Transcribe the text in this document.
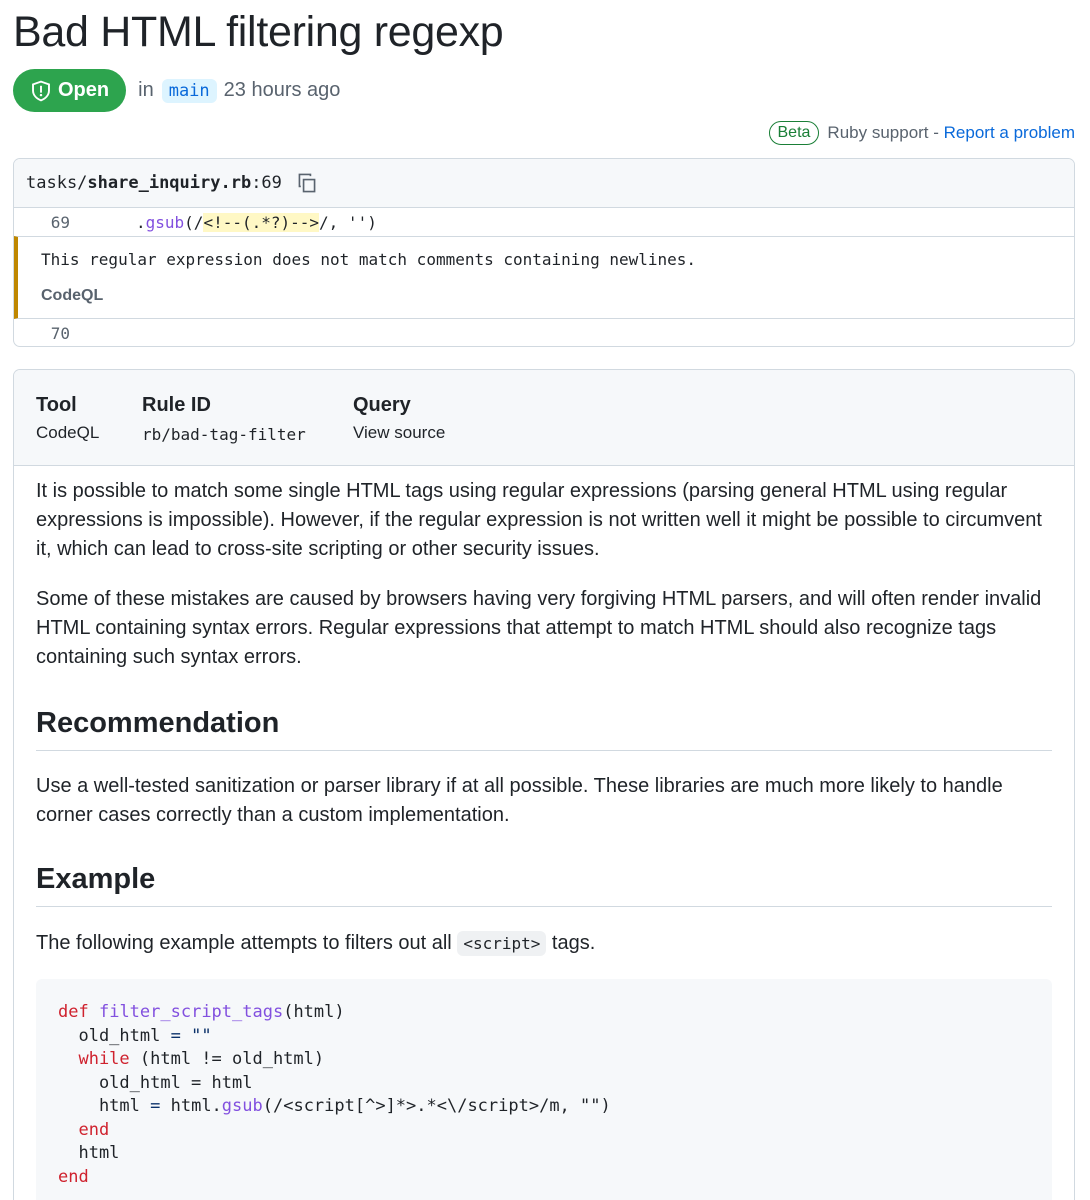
Bad HTML filtering regexp
Open in main 23 hours ago
Beta	Ruby support -
Report a problem
tasks/share_inquiry.rb:69
69	.gsub(/<!--(.*?)-->/, '')
This regular expression does not match comments containing newlines.
CodeQL
70
Tool
CodeQL
Rule ID
rb/bad-tag-filter
Query
View source

It is possible to match some single HTML tags using regular expressions (parsing general HTML using regular expressions is impossible). However, if the regular expression is not written well it might be possible to circumvent it, which can lead to cross-site scripting or other security issues.

Some of these mistakes are caused by browsers having very forgiving HTML parsers, and will often render invalid HTML containing syntax errors. Regular expressions that attempt to match HTML should also recognize tags containing such syntax errors.

Recommendation

Use a well-tested sanitization or parser library if at all possible. These libraries are much more likely to handle corner cases correctly than a custom implementation.

Example

The following example attempts to filters out all <script> tags.

def filter_script_tags(html)
old_html = ""
while (html != old_html)
old_html = html
html = html.gsub(/<script[^>]*>.*<\/script>/m, "")
end
html
end
